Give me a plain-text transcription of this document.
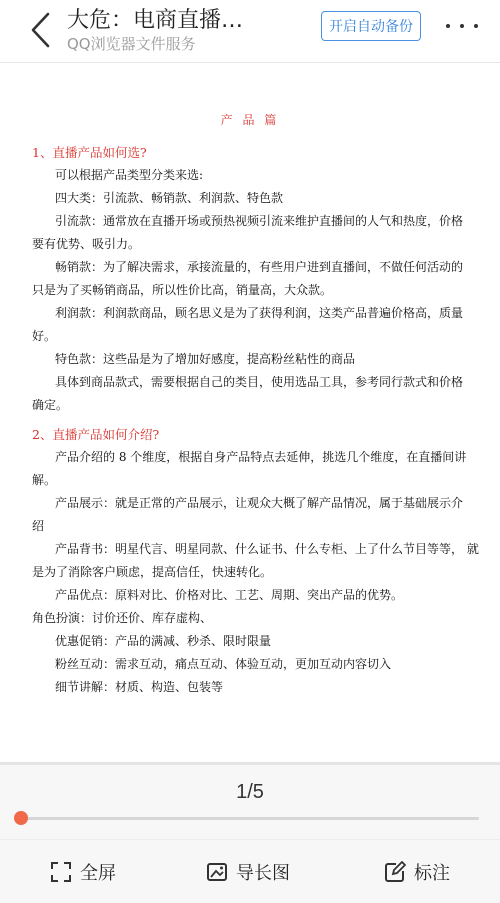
大危：电商直播…
QQ浏览器文件服务
开启自动备份
产 品 篇
1、直播产品如何选?
可以根据产品类型分类来选:
四大类：引流款、畅销款、利润款、特色款
引流款：通常放在直播开场或预热视频引流来维护直播间的人气和热度，价格
要有优势、吸引力。
畅销款：为了解决需求，承接流量的，有些用户进到直播间，不做任何活动的
只是为了买畅销商品，所以性价比高，销量高，大众款。
利润款：利润款商品，顾名思义是为了获得利润，这类产品普遍价格高，质量
好。
特色款：这些品是为了增加好感度，提高粉丝粘性的商品
具体到商品款式，需要根据自己的类目，使用选品工具，参考同行款式和价格
确定。
2、直播产品如何介绍?
产品介绍的 8 个维度，根据自身产品特点去延伸，挑选几个维度，在直播间讲
解。
产品展示：就是正常的产品展示，让观众大概了解产品情况，属于基础展示介
绍
产品背书：明星代言、明星同款、什么证书、什么专柜、上了什么节目等等， 就
是为了消除客户顾虑，提高信任，快速转化。
产品优点：原料对比、价格对比、工艺、周期、突出产品的优势。
角色扮演：讨价还价、库存虚构、
优惠促销：产品的满减、秒杀、限时限量
粉丝互动：需求互动，痛点互动、体验互动，更加互动内容切入
细节讲解：材质、构造、包装等
1/5
全屏	导长图	标注
